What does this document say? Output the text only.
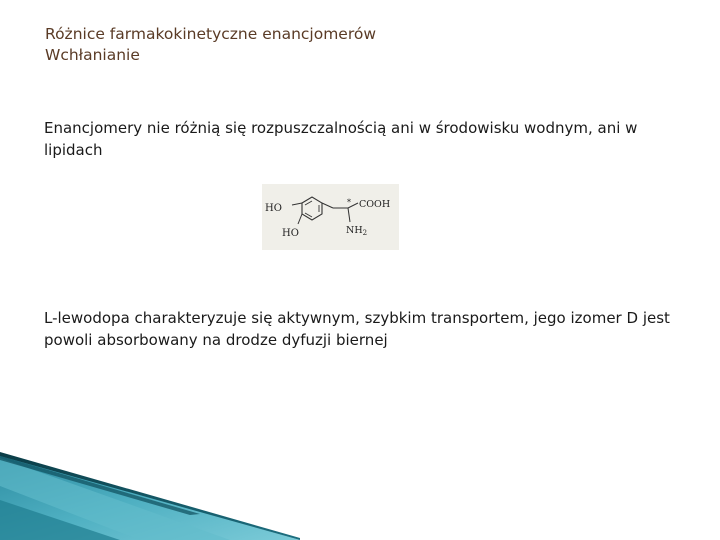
Różnice farmakokinetyczne enancjomerów
Wchłanianie
Enancjomery nie różnią się rozpuszczalnością ani w środowisku wodnym, ani w lipidach
HO
HO
* COOH
$NH_2$
L-lewodopa charakteryzuje się aktywnym, szybkim transportem, jego izomer D jest powoli absorbowany na drodze dyfuzji biernej
